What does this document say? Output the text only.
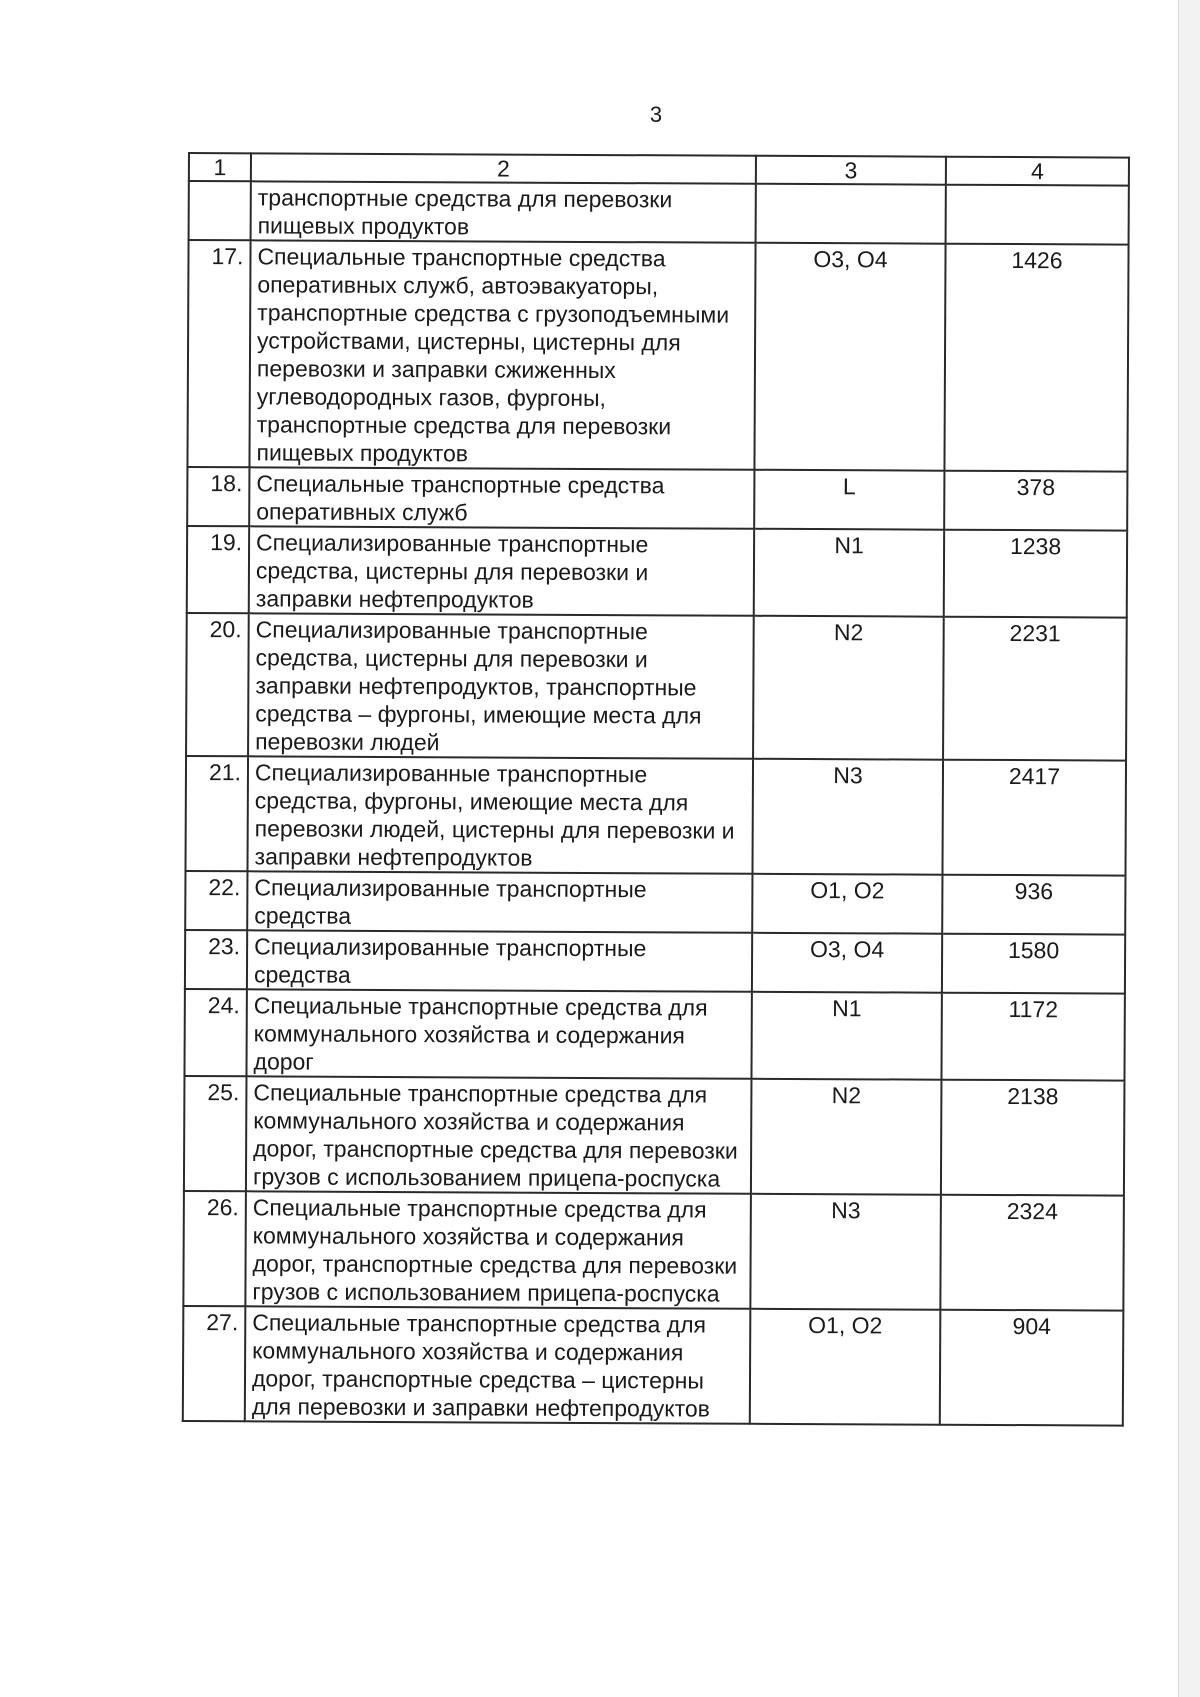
3
1	2	3	4
	транспортные средства для перевозки пищевых продуктов		
17.	Специальные транспортные средства оперативных служб, автоэвакуаторы, транспортные средства с грузоподъемными устройствами, цистерны, цистерны для перевозки и заправки сжиженных углеводородных газов, фургоны, транспортные средства для перевозки пищевых продуктов	О3, О4	1426
18.	Специальные транспортные средства оперативных служб	L	378
19.	Специализированные транспортные средства, цистерны для перевозки и заправки нефтепродуктов	N1	1238
20.	Специализированные транспортные средства, цистерны для перевозки и заправки нефтепродуктов, транспортные средства – фургоны, имеющие места для перевозки людей	N2	2231
21.	Специализированные транспортные средства, фургоны, имеющие места для перевозки людей, цистерны для перевозки и заправки нефтепродуктов	N3	2417
22.	Специализированные транспортные средства	О1, О2	936
23.	Специализированные транспортные средства	О3, О4	1580
24.	Специальные транспортные средства для коммунального хозяйства и содержания дорог	N1	1172
25.	Специальные транспортные средства для коммунального хозяйства и содержания дорог, транспортные средства для перевозки грузов с использованием прицепа-роспуска	N2	2138
26.	Специальные транспортные средства для коммунального хозяйства и содержания дорог, транспортные средства для перевозки грузов с использованием прицепа-роспуска	N3	2324
27.	Специальные транспортные средства для коммунального хозяйства и содержания дорог, транспортные средства – цистерны для перевозки и заправки нефтепродуктов	О1, О2	904
